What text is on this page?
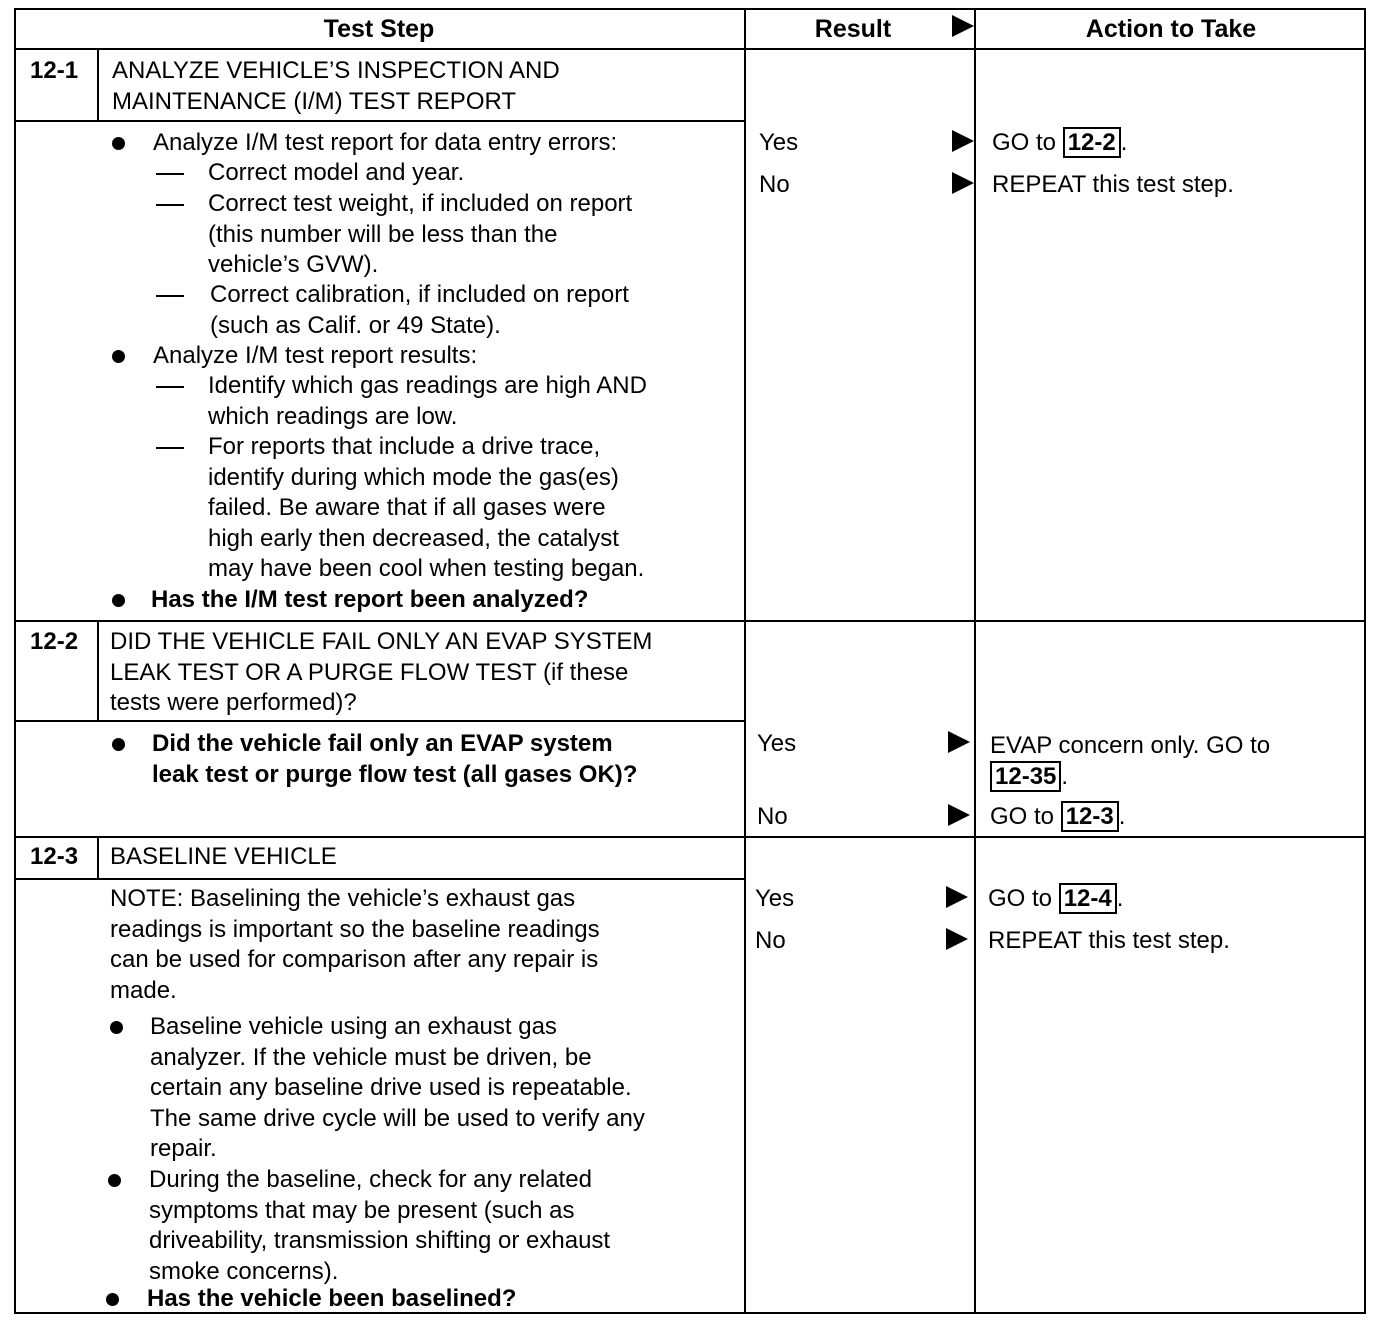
Test Step	Result	Action to Take
12-1 ANALYZE VEHICLE’S INSPECTION AND

MAINTENANCE (I/M) TEST REPORT

Analyze I/M test report for data entry errors:
Correct model and year.

Correct test weight, if included on report

(this number will be less than the

vehicle’s GVW).

Correct calibration, if included on report

(such as Calif. or 49 State).

Analyze I/M test report results:

Identify which gas readings are high AND

which readings are low.

For reports that include a drive trace,

identify during which mode the gas(es)

failed. Be aware that if all gases were

high early then decreased, the catalyst

may have been cool when testing began.

Has the I/M test report been analyzed?
Yes	GO to 12-2 .
No	REPEAT this test step.
12-2 DID THE VEHICLE FAIL ONLY AN EVAP SYSTEM

LEAK TEST OR A PURGE FLOW TEST (if these

tests were performed)?

Did the vehicle fail only an EVAP system

leak test or purge flow test (all gases OK)?

Yes	EVAP concern only. GO to

12-35 .

No	GO to 12-3 .
12-3 BASELINE VEHICLE

NOTE: Baselining the vehicle’s exhaust gas

readings is important so the baseline readings

can be used for comparison after any repair is

made.

Baseline vehicle using an exhaust gas

analyzer. If the vehicle must be driven, be

certain any baseline drive used is repeatable.

The same drive cycle will be used to verify any

repair.

During the baseline, check for any related

symptoms that may be present (such as

driveability, transmission shifting or exhaust

smoke concerns).

Has the vehicle been baselined?
Yes	GO to 12-4 .
No	REPEAT this test step.
